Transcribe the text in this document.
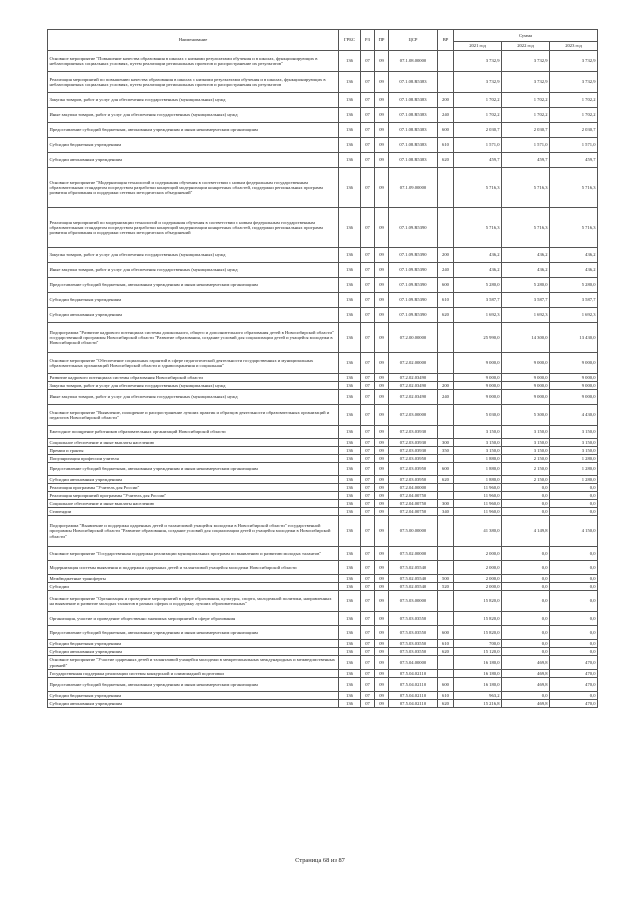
Наименование	ГРБС	РЗ	ПР	ЦСР	ВР	Сумма		
						2021 год	2022 год	2023 год
Основное мероприятие "Повышение качества образования в школах с низкими результатами обучения и в школах, функционирующих в неблагоприятных социальных условиях, путем реализации региональных проектов и распространение их результатов"	136	07	09	07.1.08.00000		3 732,9	3 732,9	3 732,9
Реализация мероприятий по повышению качества образования в школах с низкими результатами обучения и в школах, функционирующих в неблагоприятных социальных условиях, путем реализации региональных проектов и распространения их результатов	136	07	09	07.1.08.R5383		3 732,9	3 732,9	3 732,9
Закупка товаров, работ и услуг для обеспечения государственных (муниципальных) нужд	136	07	09	07.1.08.R5383	200	1 702,2	1 702,2	1 702,2
Иные закупки товаров, работ и услуг для обеспечения государственных (муниципальных) нужд	136	07	09	07.1.08.R5383	240	1 702,2	1 702,2	1 702,2
Предоставление субсидий бюджетным, автономным учреждениям и иным некоммерческим организациям	136	07	09	07.1.08.R5383	600	2 030,7	2 030,7	2 030,7
Субсидии бюджетным учреждениям	136	07	09	07.1.08.R5383	610	1 571,0	1 571,0	1 571,0
Субсидии автономным учреждениям	136	07	09	07.1.08.R5383	620	459,7	459,7	459,7
Основное мероприятие "Модернизация технологий и содержания обучения в соответствии с новым федеральным государственным образовательным стандартом посредством разработки концепций модернизации конкретных областей, поддержки региональных программ развития образования и поддержки сетевых методических объединений"	136	07	09	07.1.09.00000		5 716,3	5 716,3	5 716,3
Реализация мероприятий по модернизации технологий и содержания обучения в соответствии с новым федеральным государственным образовательным стандартом посредством разработки концепций модернизации конкретных областей, поддержки региональных программ развития образования и поддержки сетевых методических объединений	136	07	09	07.1.09.R5390		5 716,3	5 716,3	5 716,3
Закупка товаров, работ и услуг для обеспечения государственных (муниципальных) нужд	136	07	09	07.1.09.R5390	200	436,2	436,2	436,2
Иные закупки товаров, работ и услуг для обеспечения государственных (муниципальных) нужд	136	07	09	07.1.09.R5390	240	436,2	436,2	436,2
Предоставление субсидий бюджетным, автономным учреждениям и иным некоммерческим организациям	136	07	09	07.1.09.R5390	600	5 280,0	5 280,0	5 280,0
Субсидии бюджетным учреждениям	136	07	09	07.1.09.R5390	610	3 587,7	3 587,7	3 587,7
Субсидии автономным учреждениям	136	07	09	07.1.09.R5390	620	1 692,3	1 692,3	1 692,3
Подпрограмма "Развитие кадрового потенциала системы дошкольного, общего и дополнительного образования детей в Новосибирской области" государственной программы Новосибирской области "Развитие образования, создание условий для социализации детей и учащейся молодежи в Новосибирской области"	136	07	09	07.2.00.00000		25 990,0	14 300,0	13 430,0
Основное мероприятие "Обеспечение социальных гарантий в сфере педагогической деятельности государственных и муниципальных образовательных организаций Новосибирской области и здравоохранения и социальная"	136	07	09	07.2.02.00000		9 000,0	9 000,0	9 000,0
Развитие кадрового потенциала системы образования Новосибирской области	136	07	09	07.2.02.03490		9 000,0	9 000,0	9 000,0
Закупка товаров, работ и услуг для обеспечения государственных (муниципальных) нужд	136	07	09	07.2.02.03490	200	9 000,0	9 000,0	9 000,0
Иные закупки товаров, работ и услуг для обеспечения государственных (муниципальных) нужд	136	07	09	07.2.02.03490	240	9 000,0	9 000,0	9 000,0
Основное мероприятие "Выявление, поощрение и распространение лучших практик и образцов деятельности образовательных организаций и педагогов Новосибирской области"	136	07	09	07.2.03.00000		5 030,0	5 300,0	4 430,0
Ежегодное поощрение работников образовательных организаций Новосибирской области	136	07	09	07.2.03.03930		3 150,0	3 150,0	3 150,0
Социальное обеспечение и иные выплаты населению	136	07	09	07.2.03.03930	300	3 150,0	3 150,0	3 150,0
Премии и гранты	136	07	09	07.2.03.03930	350	3 150,0	3 150,0	3 150,0
Популяризация профессии учителя	136	07	09	07.2.03.03950		1 880,0	2 150,0	1 280,0
Предоставление субсидий бюджетным, автономным учреждениям и иным некоммерческим организациям	136	07	09	07.2.03.03950	600	1 880,0	2 150,0	1 280,0
Субсидии автономным учреждениям	136	07	09	07.2.03.03950	620	1 880,0	2 150,0	1 280,0
Реализация программы "Учитель для России"	136	07	09	07.2.04.00000		11 960,0	0,0	0,0
Реализация мероприятий программы "Учитель для России"	136	07	09	07.2.04.00750		11 960,0	0,0	0,0
Социальное обеспечение и иные выплаты населению	136	07	09	07.2.04.00750	300	11 960,0	0,0	0,0
Стипендии	136	07	09	07.2.04.00750	340	11 960,0	0,0	0,0
Подпрограмма "Выявление и поддержка одаренных детей и талантливой учащейся молодежи в Новосибирской области" государственной программы Новосибирской области "Развитие образования, создание условий для социализации детей и учащейся молодежи в Новосибирской области"	136	07	09	07.5.00.00000		41 380,0	4 149,8	4 150,0
Основное мероприятие "Государственная поддержка реализации муниципальных программ по выявлению и развитию молодых талантов"	136	07	09	07.5.02.00000		2 000,0	0,0	0,0
Модернизация системы выявления и поддержки одаренных детей и талантливой учащейся молодежи Новосибирской области	136	07	09	07.5.02.05540		2 000,0	0,0	0,0
Межбюджетные трансферты	136	07	09	07.5.02.05540	500	2 000,0	0,0	0,0
Субсидии	136	07	09	07.5.02.05540	520	2 000,0	0,0	0,0
Основное мероприятие "Организация и проведение мероприятий в сфере образования, культуры, спорта, молодежной политики, направленных на выявление и развитие молодых талантов в разных сферах и поддержку лучших образовательных"	136	07	09	07.5.03.00000		15 820,0	0,0	0,0
Организация, участие и проведение общественно значимых мероприятий в сфере образования	136	07	09	07.5.03.03550		15 820,0	0,0	0,0
Предоставление субсидий бюджетным, автономным учреждениям и иным некоммерческим организациям	136	07	09	07.5.03.03550	600	15 820,0	0,0	0,0
Субсидии бюджетным учреждениям	136	07	09	07.5.03.03550	610	700,0	0,0	0,0
Субсидии автономным учреждениям	136	07	09	07.5.03.03550	620	15 120,0	0,0	0,0
Основное мероприятие "Участие одаренных детей и талантливой учащейся молодежи в межрегиональных международных и межведомственных уровней"	136	07	09	07.5.04.00000		16 180,0	469,8	470,0
Государственная поддержка реализации системы конкурсной и олимпиадной подготовки	136	07	09	07.5.04.02110		16 180,0	469,8	470,0
Предоставление субсидий бюджетным, автономным учреждениям и иным некоммерческим организациям	136	07	09	07.5.04.02110	600	16 180,0	469,8	470,0
Субсидии бюджетным учреждениям	136	07	09	07.5.04.02110	610	963,2	0,0	0,0
Субсидии автономным учреждениям	136	07	09	07.5.04.02110	620	15 216,8	469,8	470,0
Страница 68 из 87
